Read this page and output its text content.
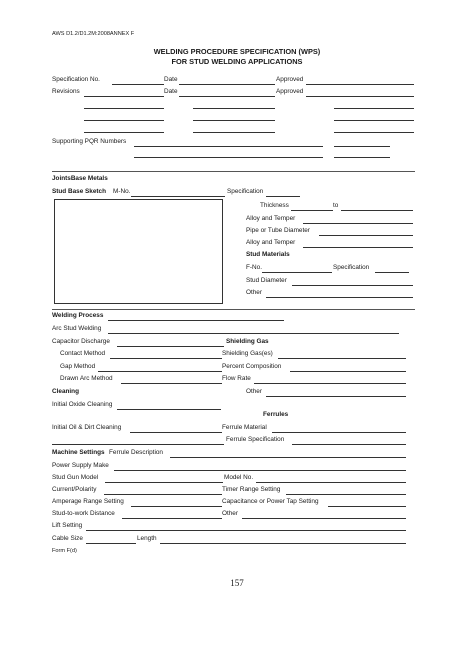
AWS D1.2/D1.2M:2008ANNEX F
WELDING PROCEDURE SPECIFICATION (WPS)
FOR STUD WELDING APPLICATIONS
Specification No.	Date	Approved
Revisions	Date	Approved
Supporting PQR Numbers
JointsBase Metals
Stud Base Sketch M-No.	Specification
Thickness	to
Alloy and Temper
Pipe or Tube Diameter
Alloy and Temper
Stud Materials
F-No.	Specification
Stud Diameter
Other
Welding Process
Arc Stud Welding
Capacitor Discharge	Shielding Gas
Contact Method	Shielding Gas(es)
Gap Method	Percent Composition
Drawn Arc Method	Flow Rate
Cleaning	Other
Initial Oxide Cleaning
Ferrules
Initial Oil & Dirt Cleaning	Ferrule Material
Ferrule Specification
Machine Settings Ferrule Description
Power Supply Make
Stud Gun Model	Model No.
Current/Polarity	Timer Range Setting
Amperage Range Setting	Capacitance or Power Tap Setting
Stud-to-work Distance	Other
Lift Setting
Cable Size	Length
Form F(d)
157
